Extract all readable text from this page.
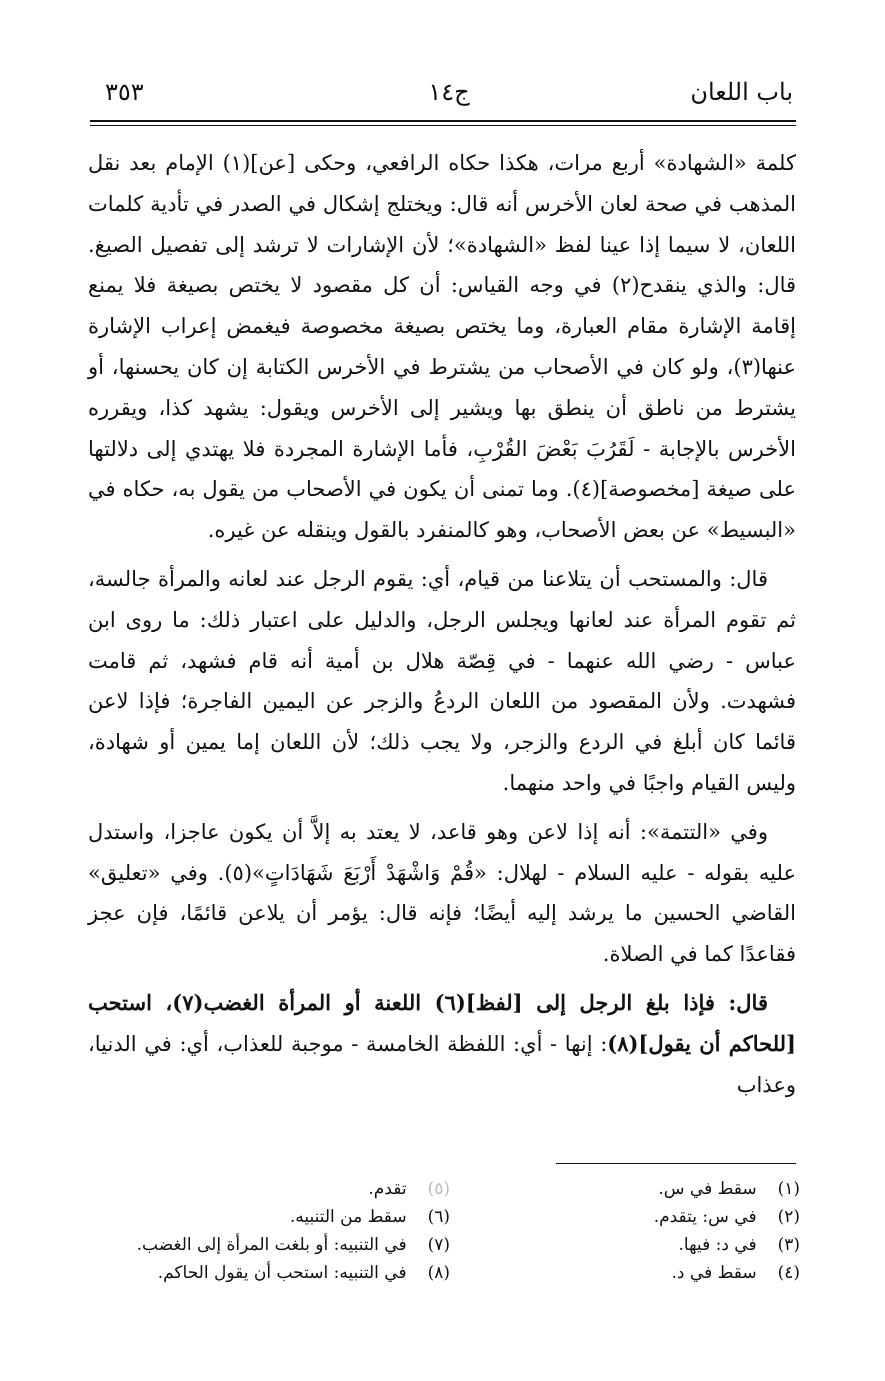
باب اللعان
ج١٤
٣٥٣

كلمة «الشهادة» أربع مرات، هكذا حكاه الرافعي، وحكى [عن](١) الإمام بعد نقل المذهب في صحة لعان الأخرس أنه قال: ويختلج إشكال في الصدر في تأدية كلمات اللعان، لا سيما إذا عينا لفظ «الشهادة»؛ لأن الإشارات لا ترشد إلى تفصيل الصيغ. قال: والذي ينقدح(٢) في وجه القياس: أن كل مقصود لا يختص بصيغة فلا يمنع إقامة الإشارة مقام العبارة، وما يختص بصيغة مخصوصة فيغمض إعراب الإشارة عنها(٣)، ولو كان في الأصحاب من يشترط في الأخرس الكتابة إن كان يحسنها، أو يشترط من ناطق أن ينطق بها ويشير إلى الأخرس ويقول: يشهد كذا، ويقرره الأخرس بالإجابة - لَقَرُبَ بَعْضَ القُرْبِ، فأما الإشارة المجردة فلا يهتدي إلى دلالتها على صيغة [مخصوصة](٤). وما تمنى أن يكون في الأصحاب من يقول به، حكاه في «البسيط» عن بعض الأصحاب، وهو كالمنفرد بالقول وينقله عن غيره.

قال: والمستحب أن يتلاعنا من قيام، أي: يقوم الرجل عند لعانه والمرأة جالسة، ثم تقوم المرأة عند لعانها ويجلس الرجل، والدليل على اعتبار ذلك: ما روى ابن عباس - رضي الله عنهما - في قِصّة هلال بن أمية أنه قام فشهد، ثم قامت فشهدت. ولأن المقصود من اللعان الردعُ والزجر عن اليمين الفاجرة؛ فإذا لاعن قائما كان أبلغ في الردع والزجر، ولا يجب ذلك؛ لأن اللعان إما يمين أو شهادة، وليس القيام واجبًا في واحد منهما.

وفي «التتمة»: أنه إذا لاعن وهو قاعد، لا يعتد به إلاَّ أن يكون عاجزا، واستدل عليه بقوله - عليه السلام - لهلال: «قُمْ وَاشْهَدْ أَرْبَعَ شَهَادَاتٍ»(٥). وفي «تعليق» القاضي الحسين ما يرشد إليه أيضًا؛ فإنه قال: يؤمر أن يلاعن قائمًا، فإن عجز فقاعدًا كما في الصلاة.

قال: فإذا بلغ الرجل إلى [لفظ](٦) اللعنة أو المرأة الغضب(٧)، استحب [للحاكم أن يقول](٨): إنها - أي: اللفظة الخامسة - موجبة للعذاب، أي: في الدنيا، وعذاب

(١) سقط في س.
(٢) في س: يتقدم.
(٣) في د: فيها.
(٤) سقط في د.
(٥) تقدم.
(٦) سقط من التنبيه.
(٧) في التنبيه: أو بلغت المرأة إلى الغضب.
(٨) في التنبيه: استحب أن يقول الحاكم.
